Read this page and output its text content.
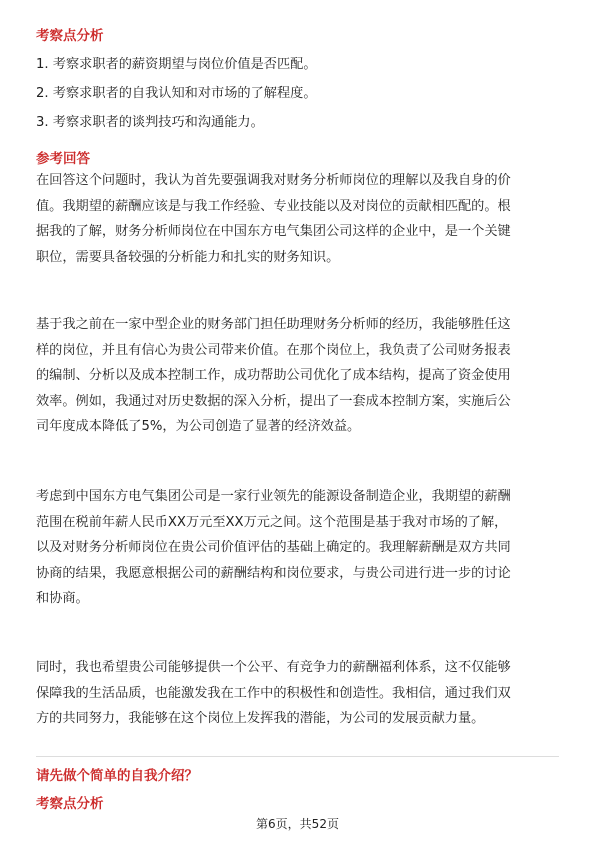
考察点分析
1. 考察求职者的薪资期望与岗位价值是否匹配。
2. 考察求职者的自我认知和对市场的了解程度。
3. 考察求职者的谈判技巧和沟通能力。
参考回答
在回答这个问题时，我认为首先要强调我对财务分析师岗位的理解以及我自身的价
值。我期望的薪酬应该是与我工作经验、专业技能以及对岗位的贡献相匹配的。根
据我的了解，财务分析师岗位在中国东方电气集团公司这样的企业中，是一个关键
职位，需要具备较强的分析能力和扎实的财务知识。
基于我之前在一家中型企业的财务部门担任助理财务分析师的经历，我能够胜任这
样的岗位，并且有信心为贵公司带来价值。在那个岗位上，我负责了公司财务报表
的编制、分析以及成本控制工作，成功帮助公司优化了成本结构，提高了资金使用
效率。例如，我通过对历史数据的深入分析，提出了一套成本控制方案，实施后公
司年度成本降低了5%，为公司创造了显著的经济效益。
考虑到中国东方电气集团公司是一家行业领先的能源设备制造企业，我期望的薪酬
范围在税前年薪人民币XX万元至XX万元之间。这个范围是基于我对市场的了解，
以及对财务分析师岗位在贵公司价值评估的基础上确定的。我理解薪酬是双方共同
协商的结果，我愿意根据公司的薪酬结构和岗位要求，与贵公司进行进一步的讨论
和协商。
同时，我也希望贵公司能够提供一个公平、有竞争力的薪酬福利体系，这不仅能够
保障我的生活品质，也能激发我在工作中的积极性和创造性。我相信，通过我们双
方的共同努力，我能够在这个岗位上发挥我的潜能，为公司的发展贡献力量。
请先做个简单的自我介绍？
考察点分析
第6页，共52页
